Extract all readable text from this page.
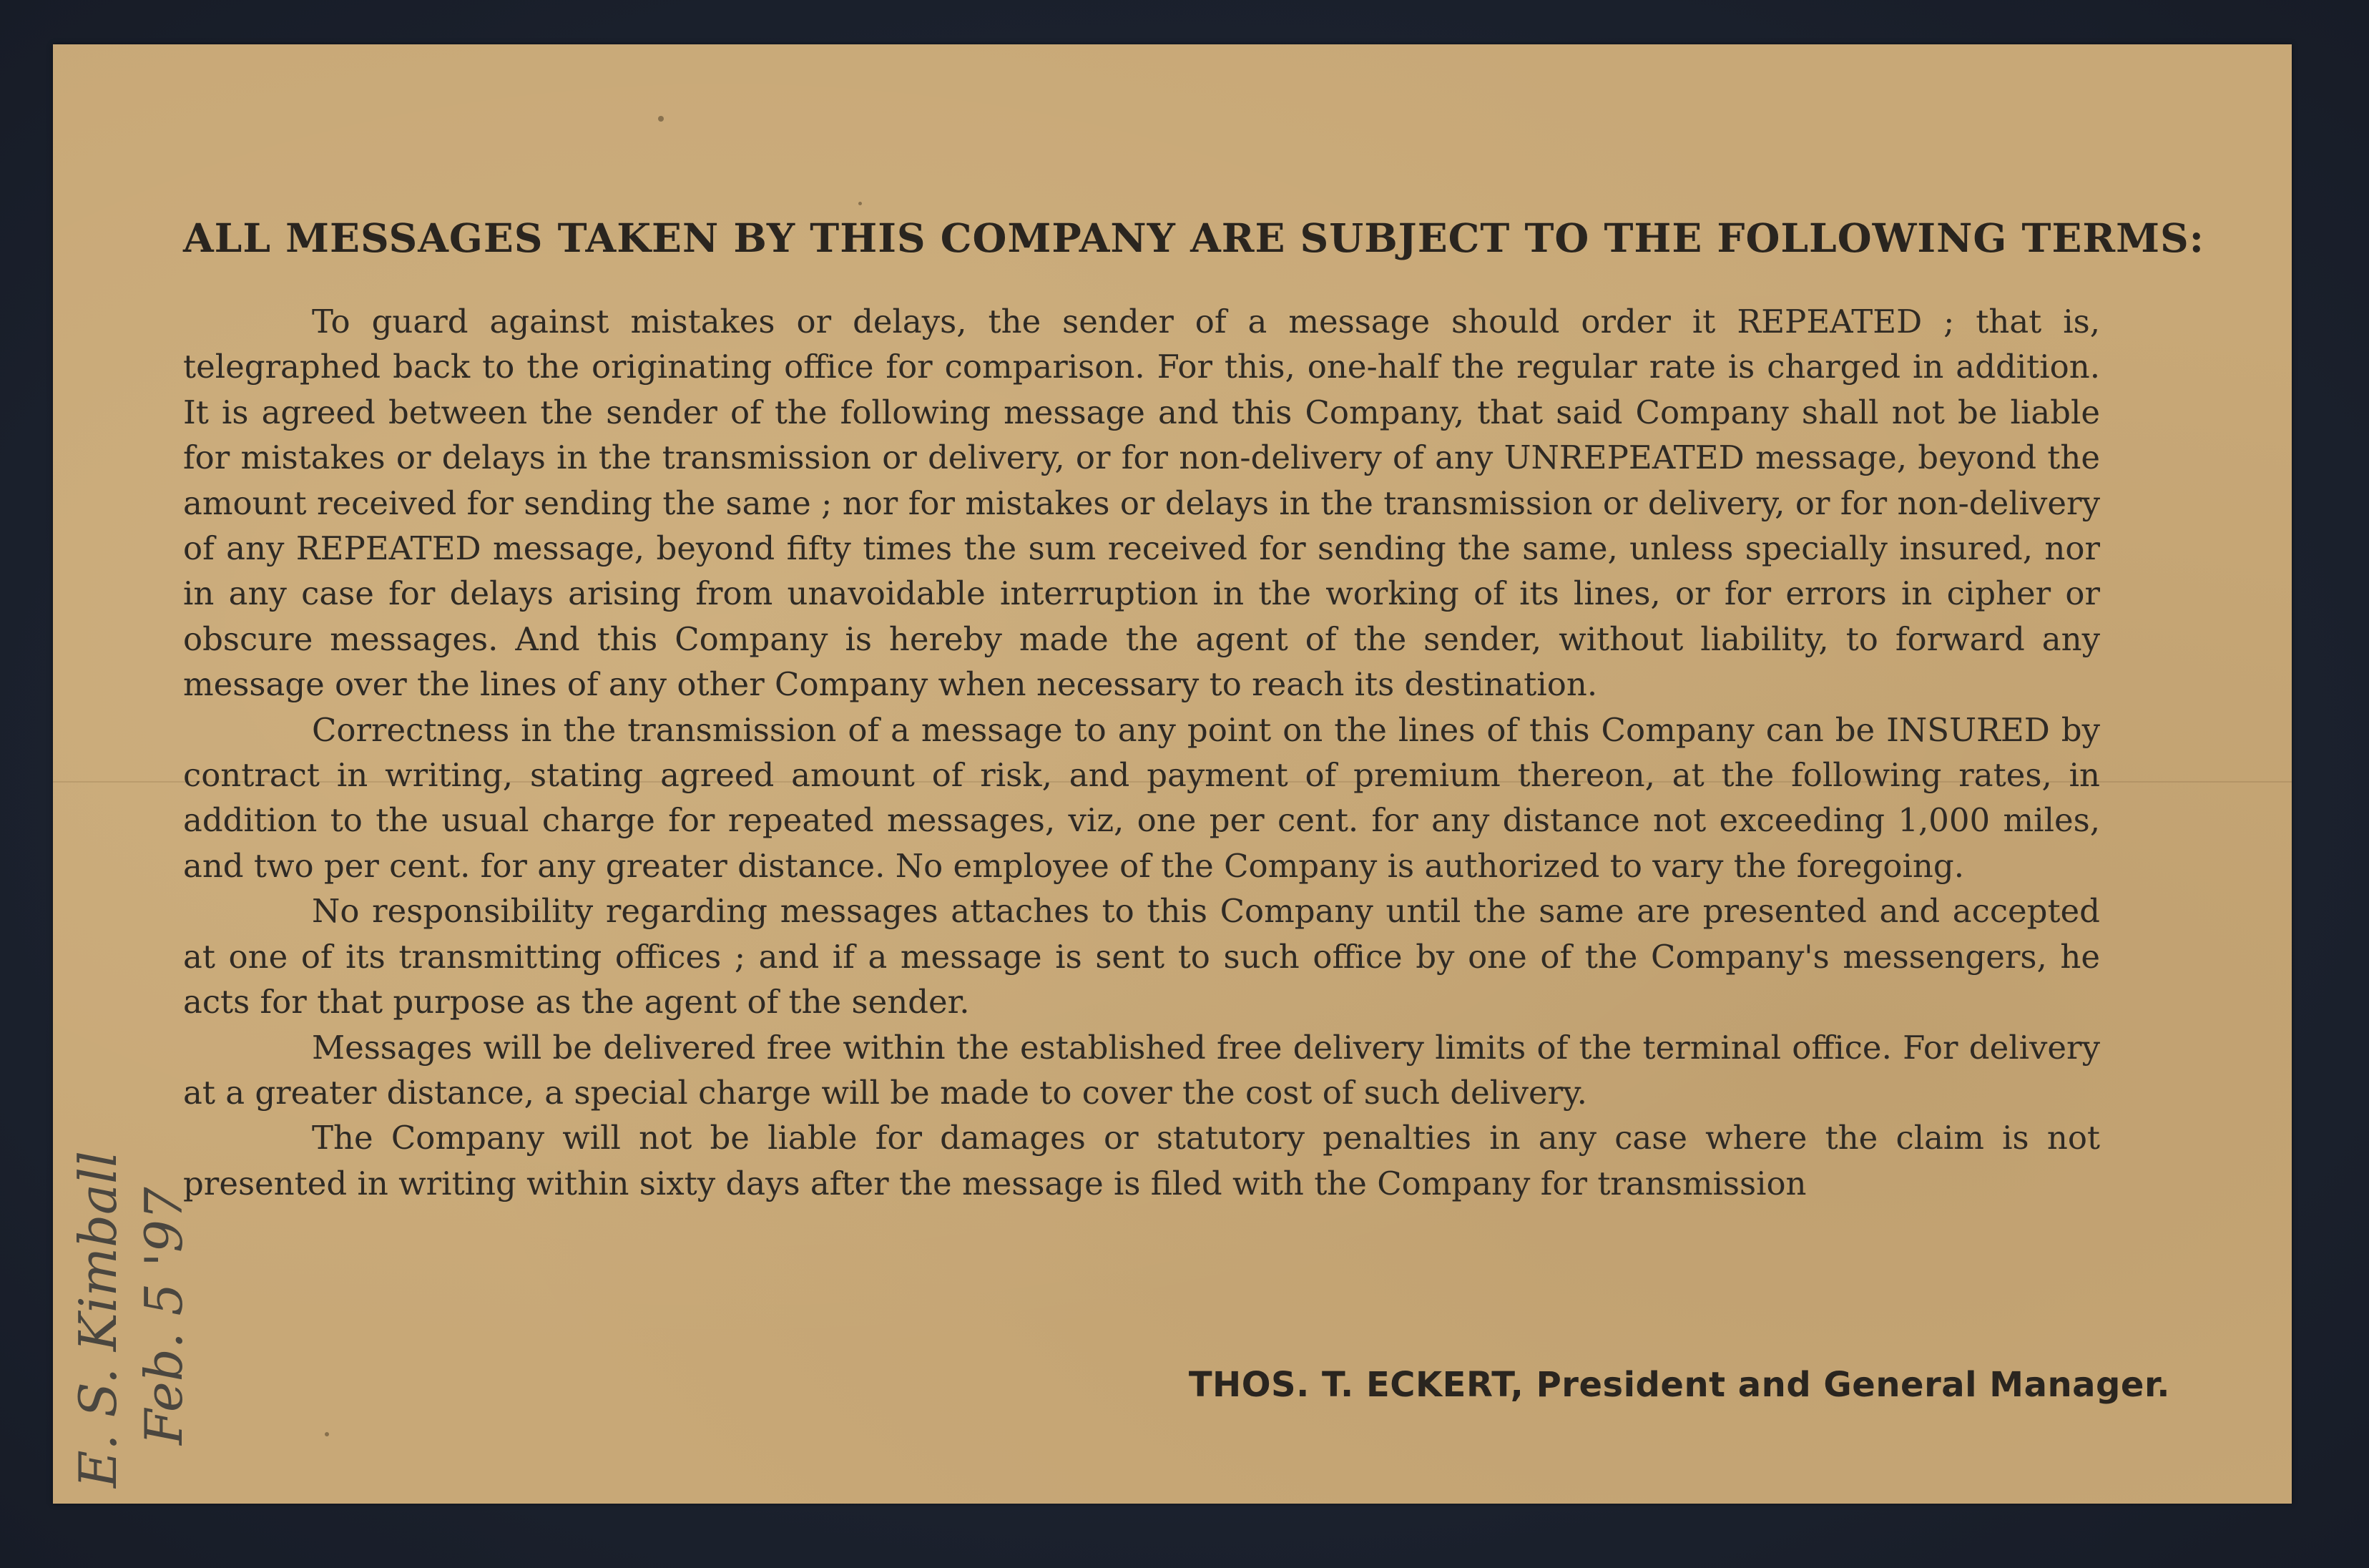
ALL MESSAGES TAKEN BY THIS COMPANY ARE SUBJECT TO THE FOLLOWING TERMS:

To guard against mistakes or delays, the sender of a message should order it REPEATED ; that is, telegraphed back to the originating office for comparison. For this, one-half the regular rate is charged in addition. It is agreed between the sender of the following message and this Company, that said Company shall not be liable for mistakes or delays in the transmission or delivery, or for non-delivery of any UNREPEATED message, beyond the amount received for sending the same ; nor for mistakes or delays in the transmission or delivery, or for non-delivery of any REPEATED message, beyond fifty times the sum received for sending the same, unless specially insured, nor in any case for delays arising from unavoidable interruption in the working of its lines, or for errors in cipher or obscure messages. And this Company is hereby made the agent of the sender, without liability, to forward any message over the lines of any other Company when necessary to reach its destination.

Correctness in the transmission of a message to any point on the lines of this Company can be INSURED by contract in writing, stating agreed amount of risk, and payment of premium thereon, at the following rates, in addition to the usual charge for repeated messages, viz, one per cent. for any distance not exceeding 1,000 miles, and two per cent. for any greater distance. No employee of the Company is authorized to vary the foregoing.

No responsibility regarding messages attaches to this Company until the same are presented and accepted at one of its transmitting offices ; and if a message is sent to such office by one of the Company's messengers, he acts for that purpose as the agent of the sender.

Messages will be delivered free within the established free delivery limits of the terminal office. For delivery at a greater distance, a special charge will be made to cover the cost of such delivery.

The Company will not be liable for damages or statutory penalties in any case where the claim is not presented in writing within sixty days after the message is filed with the Company for transmission

THOS. T. ECKERT, President and General Manager.
E. S. Kimball Feb. 5 '97
